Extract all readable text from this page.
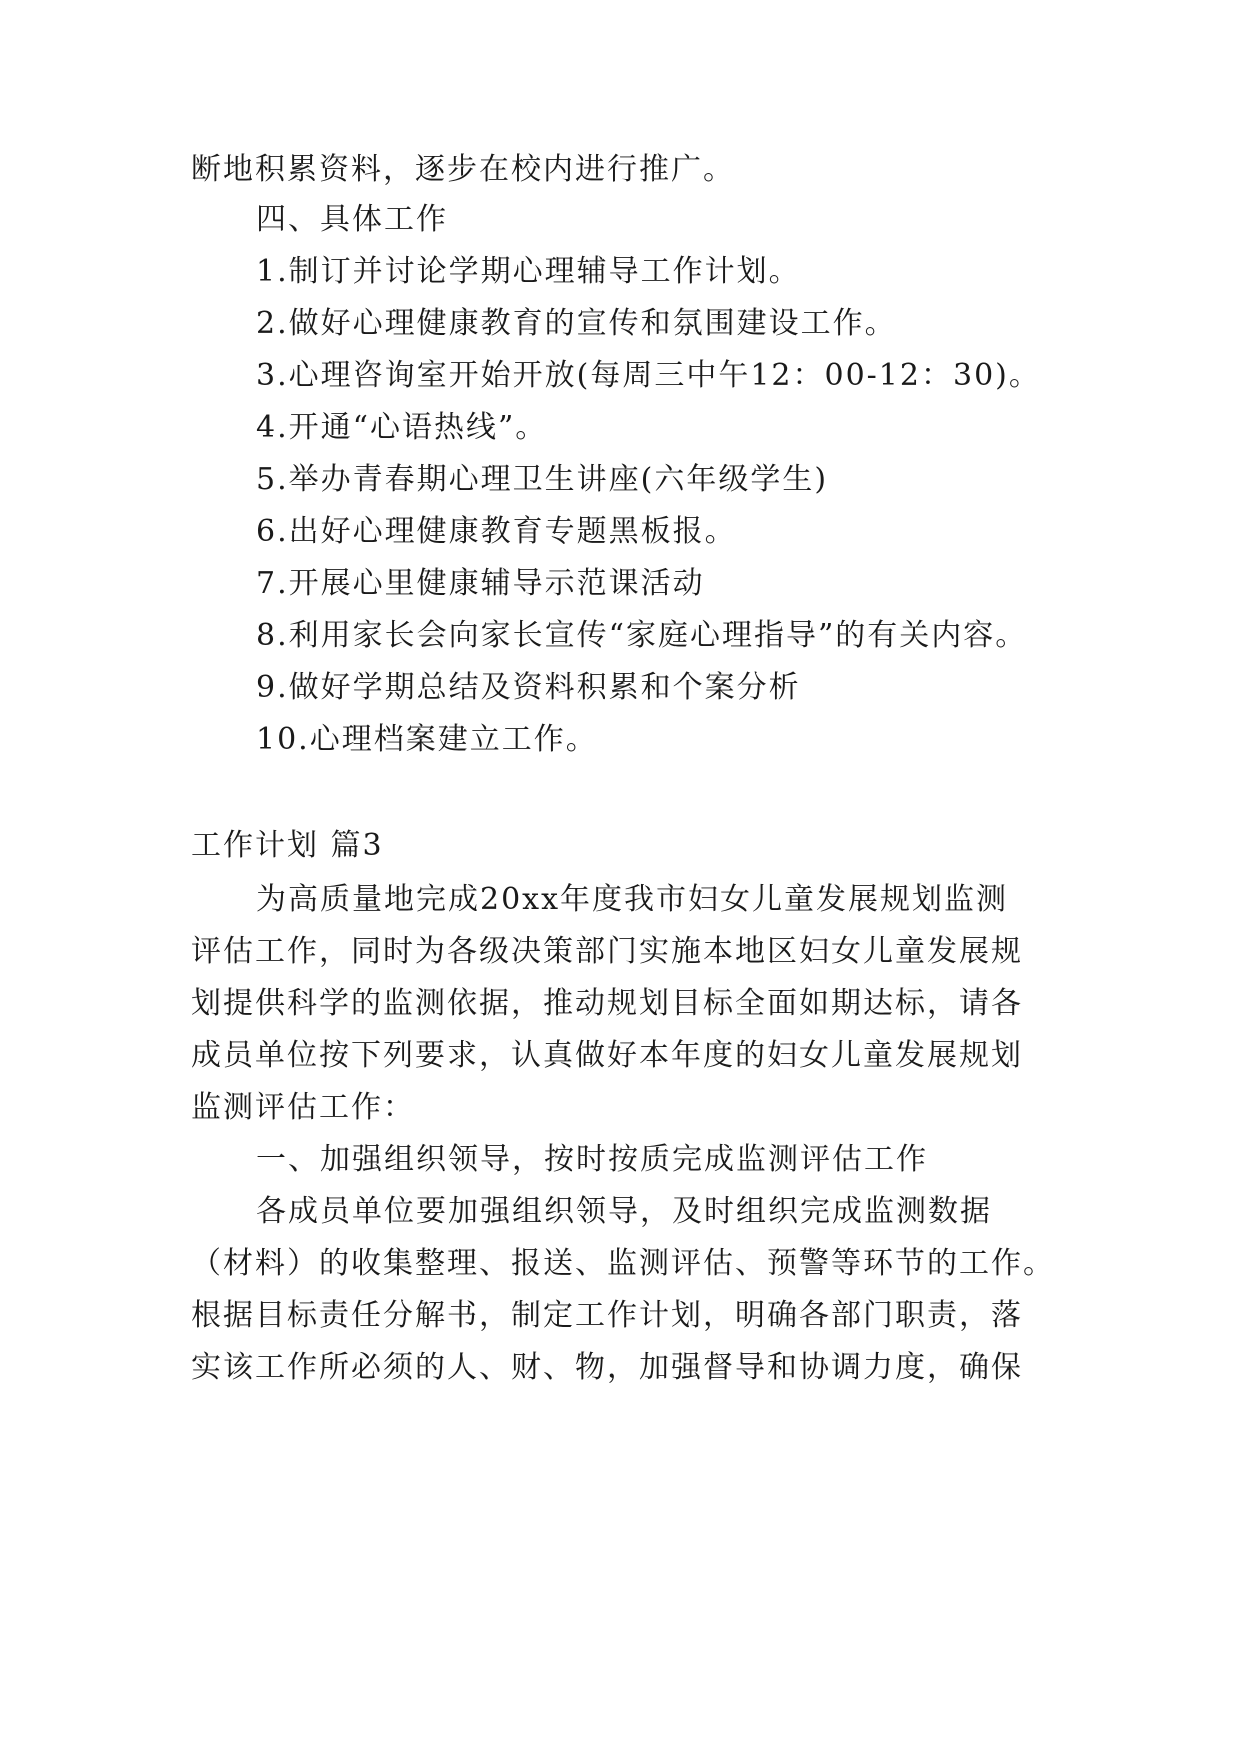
断地积累资料，逐步在校内进行推广。
四、具体工作
1.制订并讨论学期心理辅导工作计划。
2.做好心理健康教育的宣传和氛围建设工作。
3.心理咨询室开始开放(每周三中午12：00-12：30)。
4.开通“心语热线”。
5.举办青春期心理卫生讲座(六年级学生)
6.出好心理健康教育专题黑板报。
7.开展心里健康辅导示范课活动
8.利用家长会向家长宣传“家庭心理指导”的有关内容。
9.做好学期总结及资料积累和个案分析
10.心理档案建立工作。
工作计划 篇3
为高质量地完成20xx年度我市妇女儿童发展规划监测
评估工作，同时为各级决策部门实施本地区妇女儿童发展规
划提供科学的监测依据，推动规划目标全面如期达标，请各
成员单位按下列要求，认真做好本年度的妇女儿童发展规划
监测评估工作：
一、加强组织领导，按时按质完成监测评估工作
各成员单位要加强组织领导，及时组织完成监测数据
（材料）的收集整理、报送、监测评估、预警等环节的工作。
根据目标责任分解书，制定工作计划，明确各部门职责，落
实该工作所必须的人、财、物，加强督导和协调力度，确保
